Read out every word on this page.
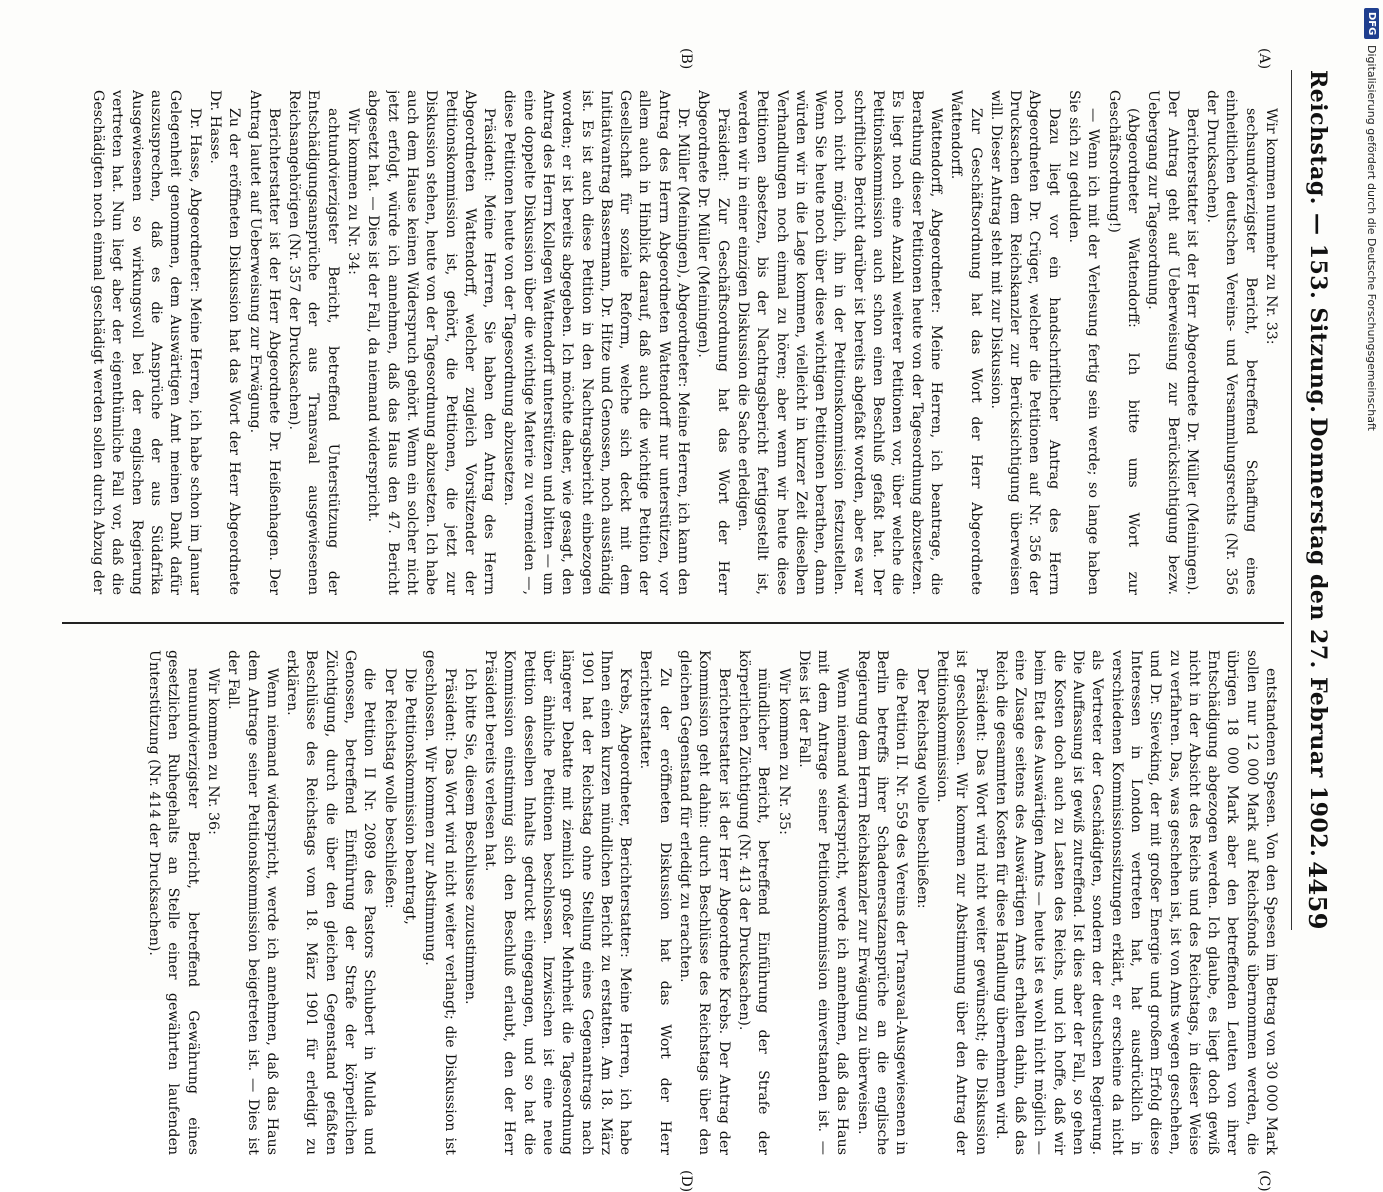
Reichstag. — 153. Sitzung.
Donnerstag den 27. Februar 1902.
4459
(A)
(B)
(C)
(D)

Wir kommen nunmehr zu Nr. 33:

sechsundvierzigster Bericht, betreffend Schaffung eines einheitlichen deutschen Vereins- und Versammlungsrechts (Nr. 356 der Drucksachen).

Berichterstatter ist der Herr Abgeordnete Dr. Müller (Meiningen). Der Antrag geht auf Ueberweisung zur Berücksichtigung bezw. Uebergang zur Tagesordnung.

(Abgeordneter Wattendorff: Ich bitte ums Wort zur Geschäftsordnung!)

— Wenn ich mit der Verlesung fertig sein werde; so lange haben Sie sich zu gedulden.

Dazu liegt vor ein handschriftlicher Antrag des Herrn Abgeordneten Dr. Crüger, welcher die Petitionen auf Nr. 356 der Drucksachen dem Reichskanzler zur Berücksichtigung überweisen will. Dieser Antrag steht mit zur Diskussion.

Zur Geschäftsordnung hat das Wort der Herr Abgeordnete Wattendorff.

Wattendorff, Abgeordneter: Meine Herren, ich beantrage, die Berathung dieser Petitionen heute von der Tagesordnung abzusetzen. Es liegt noch eine Anzahl weiterer Petitionen vor, über welche die Petitionskommission auch schon einen Beschluß gefaßt hat. Der schriftliche Bericht darüber ist bereits abgefaßt worden, aber es war noch nicht möglich, ihn in der Petitionskommission festzustellen. Wenn Sie heute noch über diese wichtigen Petitionen berathen, dann würden wir in die Lage kommen, vielleicht in kurzer Zeit dieselben Verhandlungen noch einmal zu hören; aber wenn wir heute diese Petitionen absetzen, bis der Nachtragsbericht fertiggestellt ist, werden wir in einer einzigen Diskussion die Sache erledigen.

Präsident: Zur Geschäftsordnung hat das Wort der Herr Abgeordnete Dr. Müller (Meiningen).

Dr. Müller (Meiningen), Abgeordneter: Meine Herren, ich kann den Antrag des Herrn Abgeordneten Wattendorff nur unterstützen, vor allem auch in Hinblick darauf, daß auch die wichtige Petition der Gesellschaft für soziale Reform, welche sich deckt mit dem Initiativantrag Bassermann, Dr. Hitze und Genossen, noch ausständig ist. Es ist auch diese Petition in den Nachtragsbericht einbezogen worden; er ist bereits abgegeben. Ich möchte daher, wie gesagt, den Antrag des Herrn Kollegen Wattendorff unterstützen und bitten — um eine doppelte Diskussion über die wichtige Materie zu vermeiden —, diese Petitionen heute von der Tagesordnung abzusetzen.

Präsident: Meine Herren, Sie haben den Antrag des Herrn Abgeordneten Wattendorff, welcher zugleich Vorsitzender der Petitionskommission ist, gehört, die Petitionen, die jetzt zur Diskussion stehen, heute von der Tagesordnung abzusetzen. Ich habe auch dem Hause keinen Widerspruch gehört. Wenn ein solcher nicht jetzt erfolgt, würde ich annehmen, daß das Haus den 47. Bericht abgesetzt hat. — Dies ist der Fall, da niemand widerspricht.

Wir kommen zu Nr. 34:

achtundvierzigster Bericht, betreffend Unterstützung der Entschädigungsansprüche der aus Transvaal ausgewiesenen Reichsangehörigen (Nr. 357 der Drucksachen).

Berichterstatter ist der Herr Abgeordnete Dr. Heißenhagen. Der Antrag lautet auf Ueberweisung zur Erwägung.

Zu der eröffneten Diskussion hat das Wort der Herr Abgeordnete Dr. Hasse.

Dr. Hasse, Abgeordneter: Meine Herren, ich habe schon im Januar Gelegenheit genommen, dem Auswärtigen Amt meinen Dank dafür auszusprechen, daß es die Ansprüche der aus Südafrika Ausgewiesenen so wirkungsvoll bei der englischen Regierung vertreten hat. Nun liegt aber der eigenthümliche Fall vor, daß die Geschädigten noch einmal geschädigt werden sollen durch Abzug der

entstandenen Spesen. Von den Spesen im Betrag von 30 000 Mark sollen nur 12 000 Mark auf Reichsfonds übernommen werden, die übrigen 18 000 Mark aber den betreffenden Leuten von ihrer Entschädigung abgezogen werden. Ich glaube, es liegt doch gewiß nicht in der Absicht des Reichs und des Reichstags, in dieser Weise zu verfahren. Das, was geschehen ist, ist von Amts wegen geschehen, und Dr. Sieveking, der mit großer Energie und großem Erfolg diese Interessen in London vertreten hat, hat ausdrücklich in verschiedenen Kommissionssitzungen erklärt, er erscheine da nicht als Vertreter der Geschädigten, sondern der deutschen Regierung. Die Auffassung ist gewiß zutreffend. Ist dies aber der Fall, so gehen die Kosten doch auch zu Lasten des Reichs, und ich hoffe, daß wir beim Etat des Auswärtigen Amts — heute ist es wohl nicht möglich — eine Zusage seitens des Auswärtigen Amts erhalten dahin, daß das Reich die gesammten Kosten für diese Handlung übernehmen wird.

Präsident: Das Wort wird nicht weiter gewünscht; die Diskussion ist geschlossen. Wir kommen zur Abstimmung über den Antrag der Petitionskommission.

Der Reichstag wolle beschließen:

die Petition II. Nr. 559 des Vereins der Transvaal-Ausgewiesenen in Berlin betreffs ihrer Schadenersatzansprüche an die englische Regierung dem Herrn Reichskanzler zur Erwägung zu überweisen.

Wenn niemand widerspricht, werde ich annehmen, daß das Haus mit dem Antrage seiner Petitionskommission einverstanden ist. — Dies ist der Fall.

Wir kommen zu Nr. 35:

mündlicher Bericht, betreffend Einführung der Strafe der körperlichen Züchtigung (Nr. 413 der Drucksachen).

Berichterstatter ist der Herr Abgeordnete Krebs. Der Antrag der Kommission geht dahin: durch Beschlüsse des Reichstags über den gleichen Gegenstand für erledigt zu erachten.

Zu der eröffneten Diskussion hat das Wort der Herr Berichterstatter.

Krebs, Abgeordneter, Berichterstatter: Meine Herren, ich habe Ihnen einen kurzen mündlichen Bericht zu erstatten. Am 18. März 1901 hat der Reichstag ohne Stellung eines Gegenantrags nach längerer Debatte mit ziemlich großer Mehrheit die Tagesordnung über ähnliche Petitionen beschlossen. Inzwischen ist eine neue Petition desselben Inhalts gedruckt eingegangen, und so hat die Kommission einstimmig sich den Beschluß erlaubt, den der Herr Präsident bereits verlesen hat.

Ich bitte Sie, diesem Beschlusse zuzustimmen.

Präsident: Das Wort wird nicht weiter verlangt; die Diskussion ist geschlossen. Wir kommen zur Abstimmung.

Die Petitionskommission beantragt,

Der Reichstag wolle beschließen:

die Petition II Nr. 2089 des Pastors Schubert in Mulda und Genossen, betreffend Einführung der Strafe der körperlichen Züchtigung, durch die über den gleichen Gegenstand gefaßten Beschlüsse des Reichstags vom 18. März 1901 für erledigt zu erklären.

Wenn niemand widerspricht, werde ich annehmen, daß das Haus dem Antrage seiner Petitionskommission beigetreten ist. — Dies ist der Fall.

Wir kommen zu Nr. 36:

neunundvierzigster Bericht, betreffend Gewährung eines gesetzlichen Ruhegehalts an Stelle einer gewährten laufenden Unterstützung (Nr. 414 der Drucksachen).

DFG
Digitalisierung gefördert durch die Deutsche Forschungsgemeinschaft
